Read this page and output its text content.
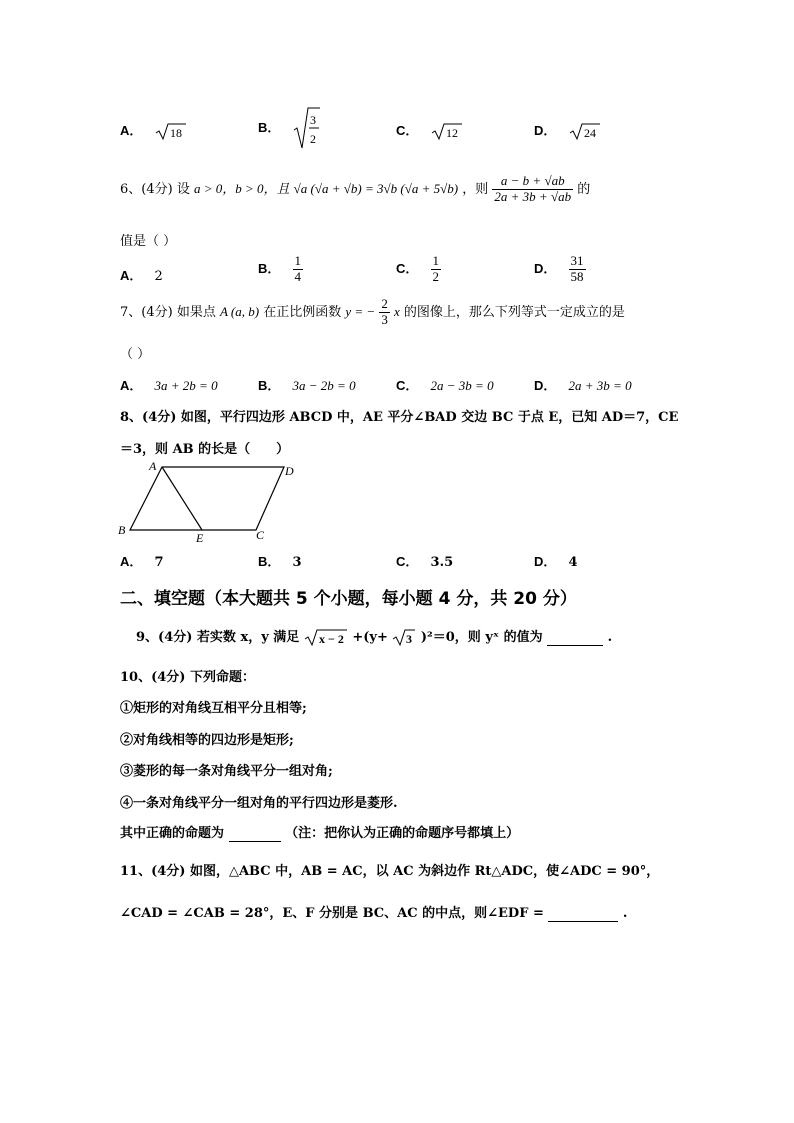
A． 18	B． 3
2
C． 12	D． 24
6、(4分) 设 a > 0，b > 0，且 √a (√a + √b) = 3√b (√a + 5√b) ，则 $\frac{a - b + √ab}{2a + 3b + √ab}$ 的
值是（ ）
A． 2
B． $\frac{1}{4}$	C． $\frac{1}{2}$	D． $\frac{31}{58}$
7、(4分) 如果点 A (a, b) 在正比例函数 y = − $\frac{2}{3}$ x 的图像上，那么下列等式一定成立的是
（ ）
A． 3a + 2b = 0	B． 3a − 2b = 0	C． 2a − 3b = 0	D． 2a + 3b = 0
8、(4分) 如图，平行四边形 ABCD 中，AE 平分∠BAD 交边 BC 于点 E，已知 AD＝7，CE
＝3，则 AB 的长是（　　）
A	D
B	C
E
A． 7	B． 3	C． 3.5	D． 4
二、填空题（本大题共 5 个小题，每小题 4 分，共 20 分）
9、(4分) 若实数 x，y 满足 x − 2 +(y+ 3 )²＝0，则 yˣ 的值为	.
10、(4分) 下列命题：
①矩形的对角线互相平分且相等;
②对角线相等的四边形是矩形;
③菱形的每一条对角线平分一组对角;
④一条对角线平分一组对角的平行四边形是菱形.
其中正确的命题为	（注：把你认为正确的命题序号都填上）
11、(4分) 如图，△ABC 中，AB = AC，以 AC 为斜边作 Rt△ADC，使∠ADC = 90°，
∠CAD = ∠CAB = 28°，E、F 分别是 BC、AC 的中点，则∠EDF =	.
